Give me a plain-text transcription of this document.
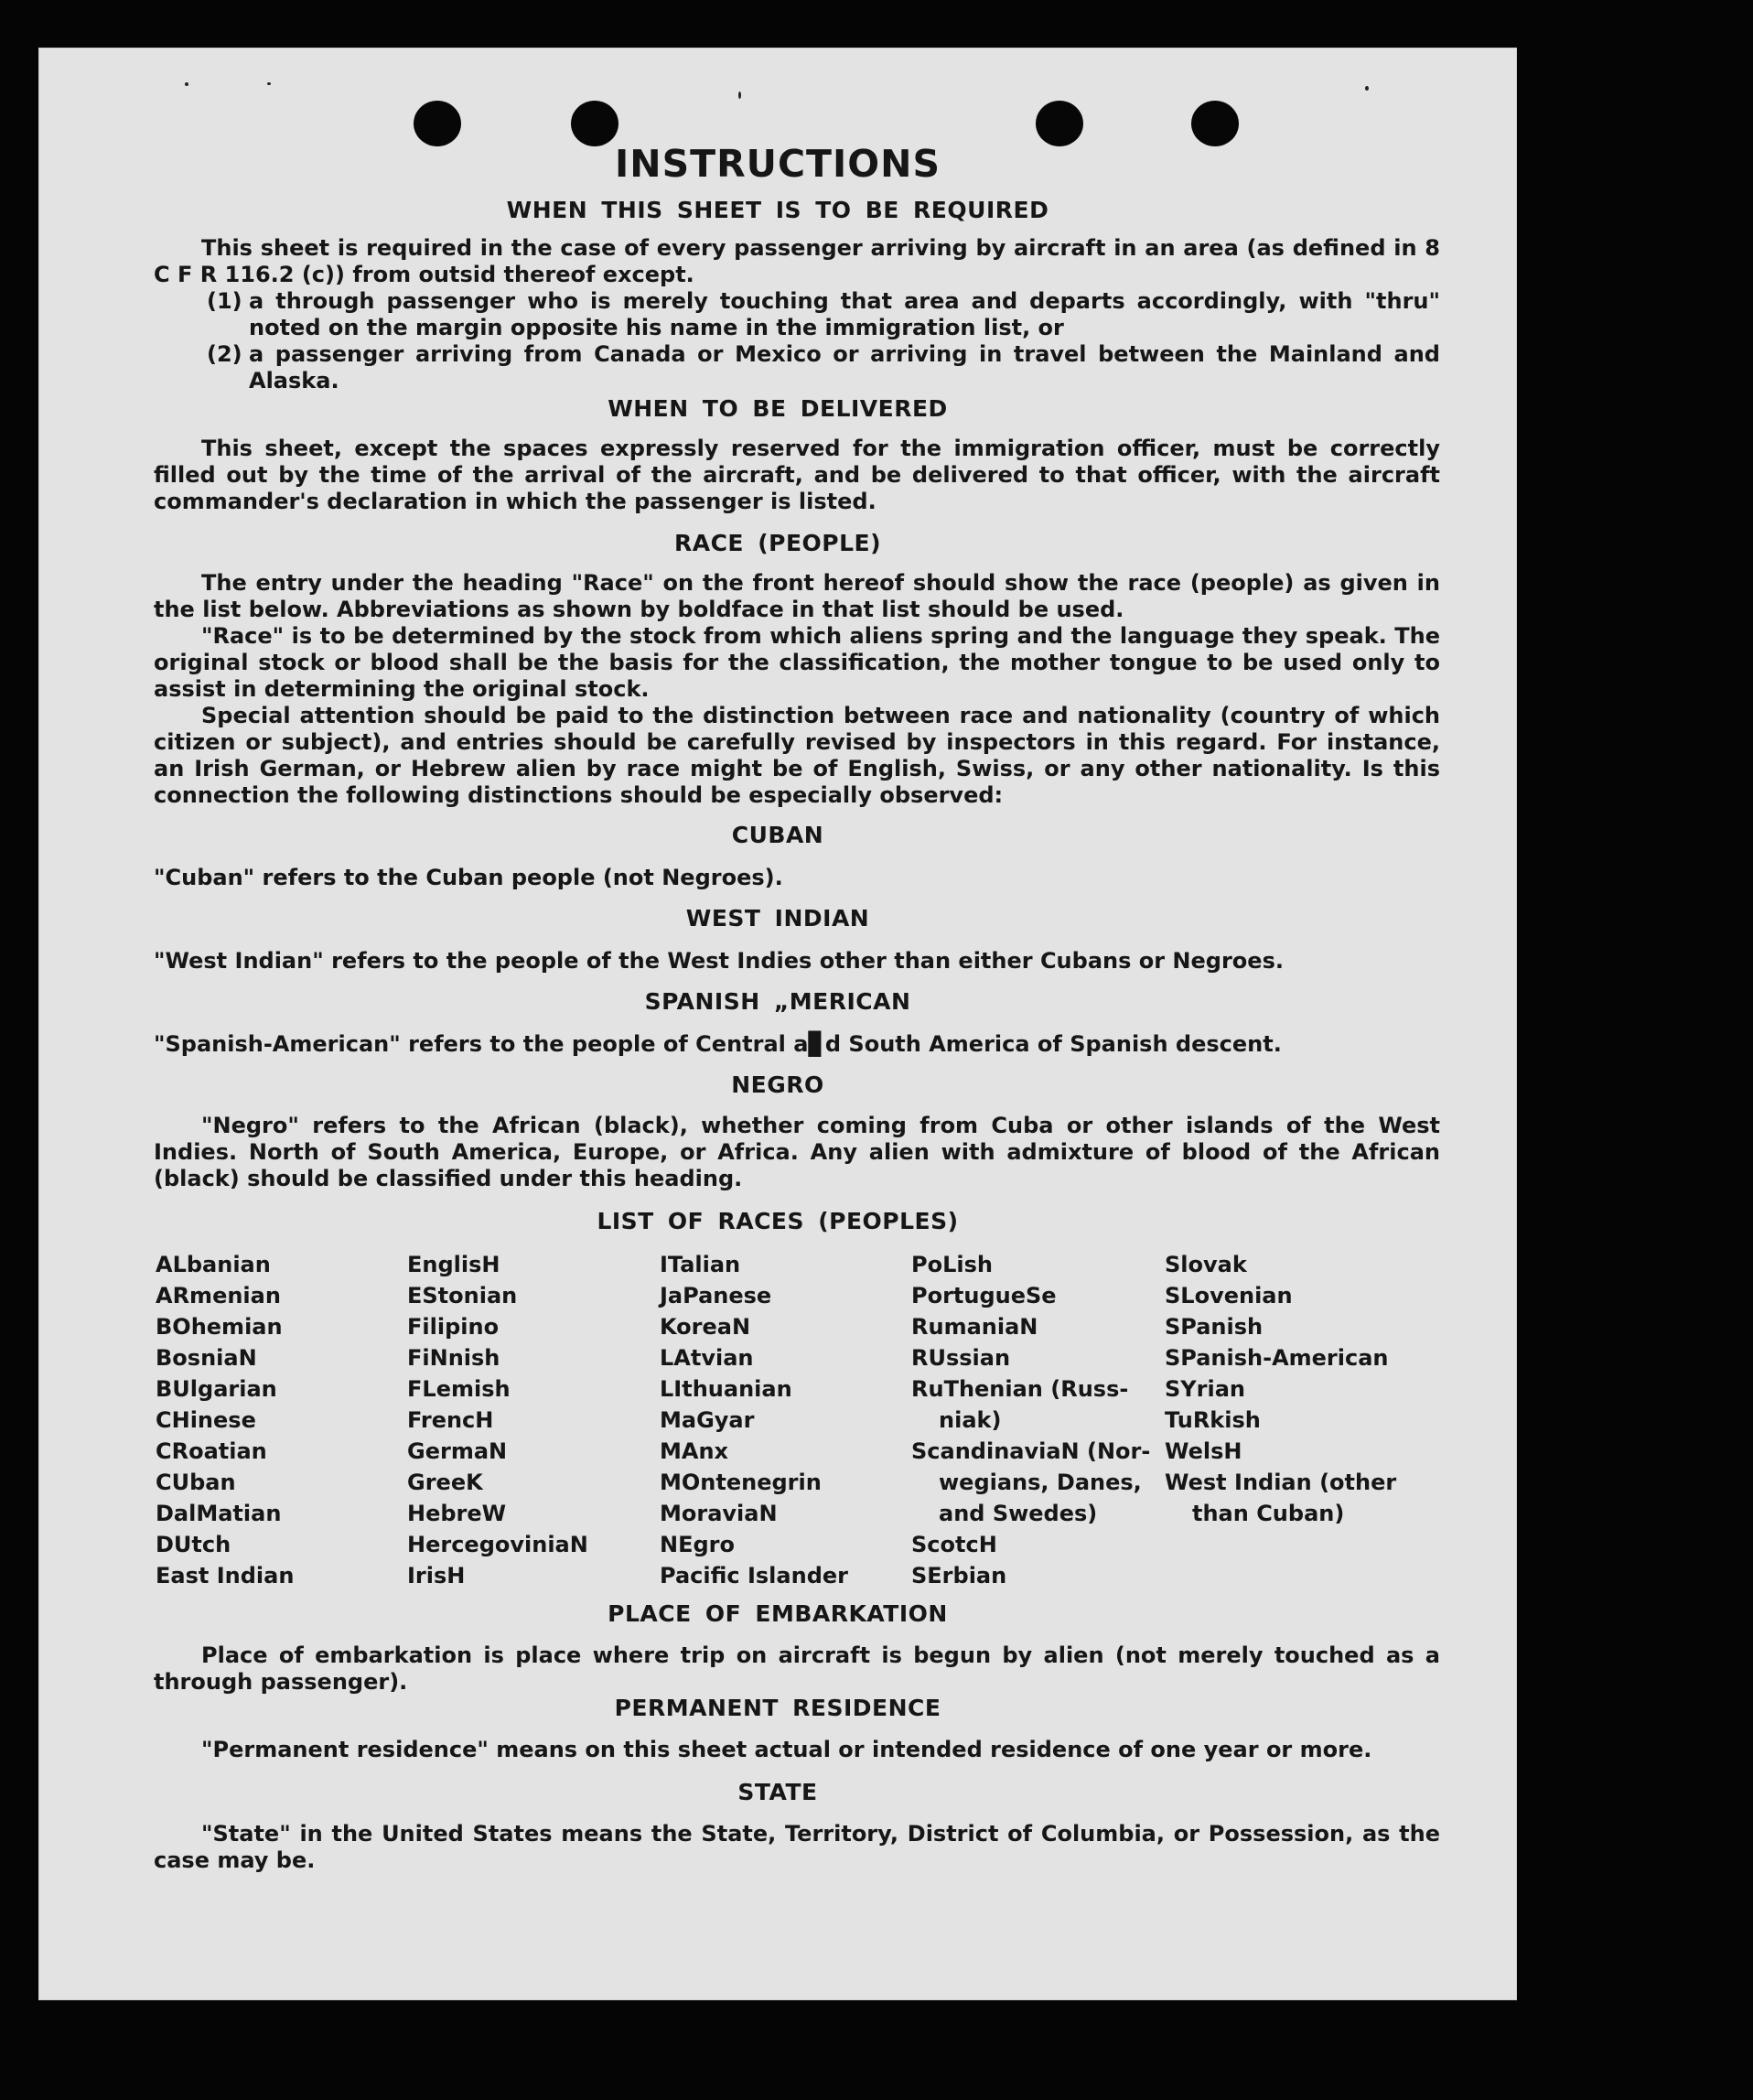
INSTRUCTIONS
WHEN THIS SHEET IS TO BE REQUIRED

This sheet is required in the case of every passenger arriving by aircraft in an area (as defined in 8 C F R 116.2 (c)) from outsid thereof except.

(1) a through passenger who is merely touching that area and departs accordingly, with "thru" noted on the margin opposite his name in the immigration list, or
(2) a passenger arriving from Canada or Mexico or arriving in travel between the Mainland and Alaska.
WHEN TO BE DELIVERED

This sheet, except the spaces expressly reserved for the immigration officer, must be correctly filled out by the time of the arrival of the aircraft, and be delivered to that officer, with the aircraft commander's declaration in which the passenger is listed.

RACE (PEOPLE)

The entry under the heading "Race" on the front hereof should show the race (people) as given in the list below. Abbreviations as shown by boldface in that list should be used.

"Race" is to be determined by the stock from which aliens spring and the language they speak. The original stock or blood shall be the basis for the classification, the mother tongue to be used only to assist in determining the original stock.

Special attention should be paid to the distinction between race and nationality (country of which citizen or subject), and entries should be carefully revised by inspectors in this regard. For instance, an Irish German, or Hebrew alien by race might be of English, Swiss, or any other nationality. Is this connection the following distinctions should be especially observed:

CUBAN

"Cuban" refers to the Cuban people (not Negroes).

WEST INDIAN

"West Indian" refers to the people of the West Indies other than either Cubans or Negroes.

SPANISH „MERICAN

"Spanish-American" refers to the people of Central a▊d South America of Spanish descent.

NEGRO

"Negro" refers to the African (black), whether coming from Cuba or other islands of the West Indies. North of South America, Europe, or Africa. Any alien with admixture of blood of the African (black) should be classified under this heading.

LIST OF RACES (PEOPLES)
ALbanian
ARmenian
BOhemian
BosniaN
BUlgarian
CHinese
CRoatian
CUban
DalMatian
DUtch
East Indian
EnglisH
EStonian
Filipino
FiNnish
FLemish
FrencH
GermaN
GreeK
HebreW
HercegoviniaN
IrisH
ITalian
JaPanese
KoreaN
LAtvian
LIthuanian
MaGyar
MAnx
MOntenegrin
MoraviaN
NEgro
Pacific Islander
PoLish
PortugueSe
RumaniaN
RUssian
RuThenian (Russ-
niak)
ScandinaviaN (Nor-
wegians, Danes,
and Swedes)
ScotcH
SErbian
Slovak
SLovenian
SPanish
SPanish-American
SYrian
TuRkish
WelsH
West Indian (other
than Cuban)
PLACE OF EMBARKATION

Place of embarkation is place where trip on aircraft is begun by alien (not merely touched as a through passenger).

PERMANENT RESIDENCE

"Permanent residence" means on this sheet actual or intended residence of one year or more.

STATE

"State" in the United States means the State, Territory, District of Columbia, or Possession, as the case may be.
